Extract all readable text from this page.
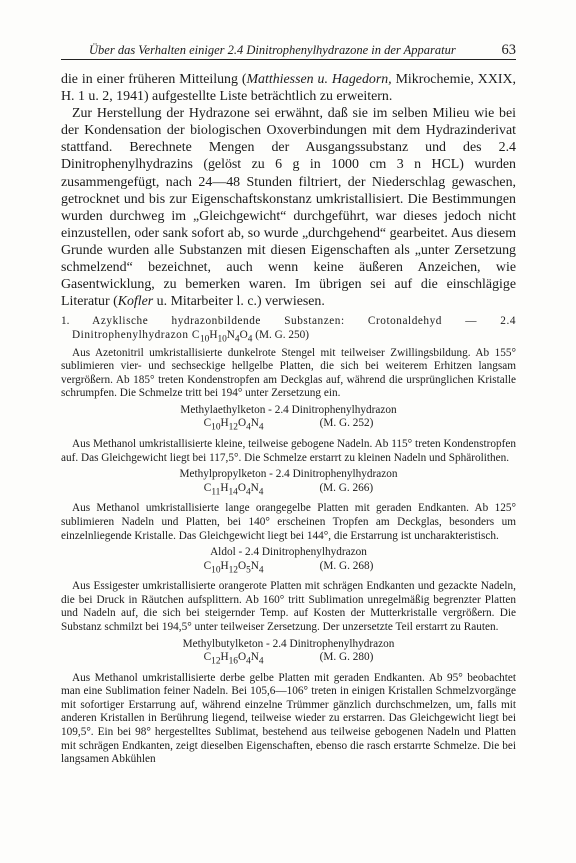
Über das Verhalten einiger 2.4 Dinitrophenylhydrazone in der Apparatur	63

die in einer früheren Mitteilung (Matthiessen u. Hagedorn, Mikrochemie, XXIX, H. 1 u. 2, 1941) aufgestellte Liste beträchtlich zu erweitern.

Zur Herstellung der Hydrazone sei erwähnt, daß sie im selben Milieu wie bei der Kondensation der biologischen Oxoverbindungen mit dem Hydrazinderivat stattfand. Berechnete Mengen der Ausgangssubstanz und des 2.4 Dinitrophenylhydrazins (gelöst zu 6 g in 1000 cm 3 n HCL) wurden zusammengefügt, nach 24—48 Stunden filtriert, der Niederschlag gewaschen, getrocknet und bis zur Eigenschaftskonstanz umkristallisiert. Die Bestimmungen wurden durchweg im „Gleichgewicht“ durchgeführt, war dieses jedoch nicht einzustellen, oder sank sofort ab, so wurde „durchgehend“ gearbeitet. Aus diesem Grunde wurden alle Substanzen mit diesen Eigenschaften als „unter Zersetzung schmelzend“ bezeichnet, auch wenn keine äußeren Anzeichen, wie Gasentwicklung, zu bemerken waren. Im übrigen sei auf die einschlägige Literatur (Kofler u. Mitarbeiter l. c.) verwiesen.

1. Azyklische hydrazonbildende Substanzen: Crotonaldehyd — 2.4 Dinitrophenylhydrazon $C_{10}H_{10}N_4O_4$ (M. G. 250)

Aus Azetonitril umkristallisierte dunkelrote Stengel mit teilweiser Zwillingsbildung. Ab 155° sublimieren vier- und sechseckige hellgelbe Platten, die sich bei weiterem Erhitzen langsam vergrößern. Ab 185° treten Kondenstropfen am Deckglas auf, während die ursprünglichen Kristalle schrumpfen. Die Schmelze tritt bei 194° unter Zersetzung ein.

Methylaethylketon - 2.4 Dinitrophenylhydrazon

$C_{10}H_{12}O_4N_4$	(M. G. 252)

Aus Methanol umkristallisierte kleine, teilweise gebogene Nadeln. Ab 115° treten Kondenstropfen auf. Das Gleichgewicht liegt bei 117,5°. Die Schmelze erstarrt zu kleinen Nadeln und Sphärolithen.

Methylpropylketon - 2.4 Dinitrophenylhydrazon

$C_{11}H_{14}O_4N_4$	(M. G. 266)

Aus Methanol umkristallisierte lange orangegelbe Platten mit geraden Endkanten. Ab 125° sublimieren Nadeln und Platten, bei 140° erscheinen Tropfen am Deckglas, besonders um einzelnliegende Kristalle. Das Gleichgewicht liegt bei 144°, die Erstarrung ist uncharakteristisch.

Aldol - 2.4 Dinitrophenylhydrazon

$C_{10}H_{12}O_5N_4$	(M. G. 268)

Aus Essigester umkristallisierte orangerote Platten mit schrägen Endkanten und gezackte Nadeln, die bei Druck in Räutchen aufsplittern. Ab 160° tritt Sublimation unregelmäßig begrenzter Platten und Nadeln auf, die sich bei steigernder Temp. auf Kosten der Mutterkristalle vergrößern. Die Substanz schmilzt bei 194,5° unter teilweiser Zersetzung. Der unzersetzte Teil erstarrt zu Rauten.

Methylbutylketon - 2.4 Dinitrophenylhydrazon

$C_{12}H_{16}O_4N_4$	(M. G. 280)

Aus Methanol umkristallisierte derbe gelbe Platten mit geraden Endkanten. Ab 95° beobachtet man eine Sublimation feiner Nadeln. Bei 105,6—106° treten in einigen Kristallen Schmelzvorgänge mit sofortiger Erstarrung auf, während einzelne Trümmer gänzlich durchschmelzen, um, falls mit anderen Kristallen in Berührung liegend, teilweise wieder zu erstarren. Das Gleichgewicht liegt bei 109,5°. Ein bei 98° hergestelltes Sublimat, bestehend aus teilweise gebogenen Nadeln und Platten mit schrägen Endkanten, zeigt dieselben Eigenschaften, ebenso die rasch erstarrte Schmelze. Die bei langsamen Abkühlen
